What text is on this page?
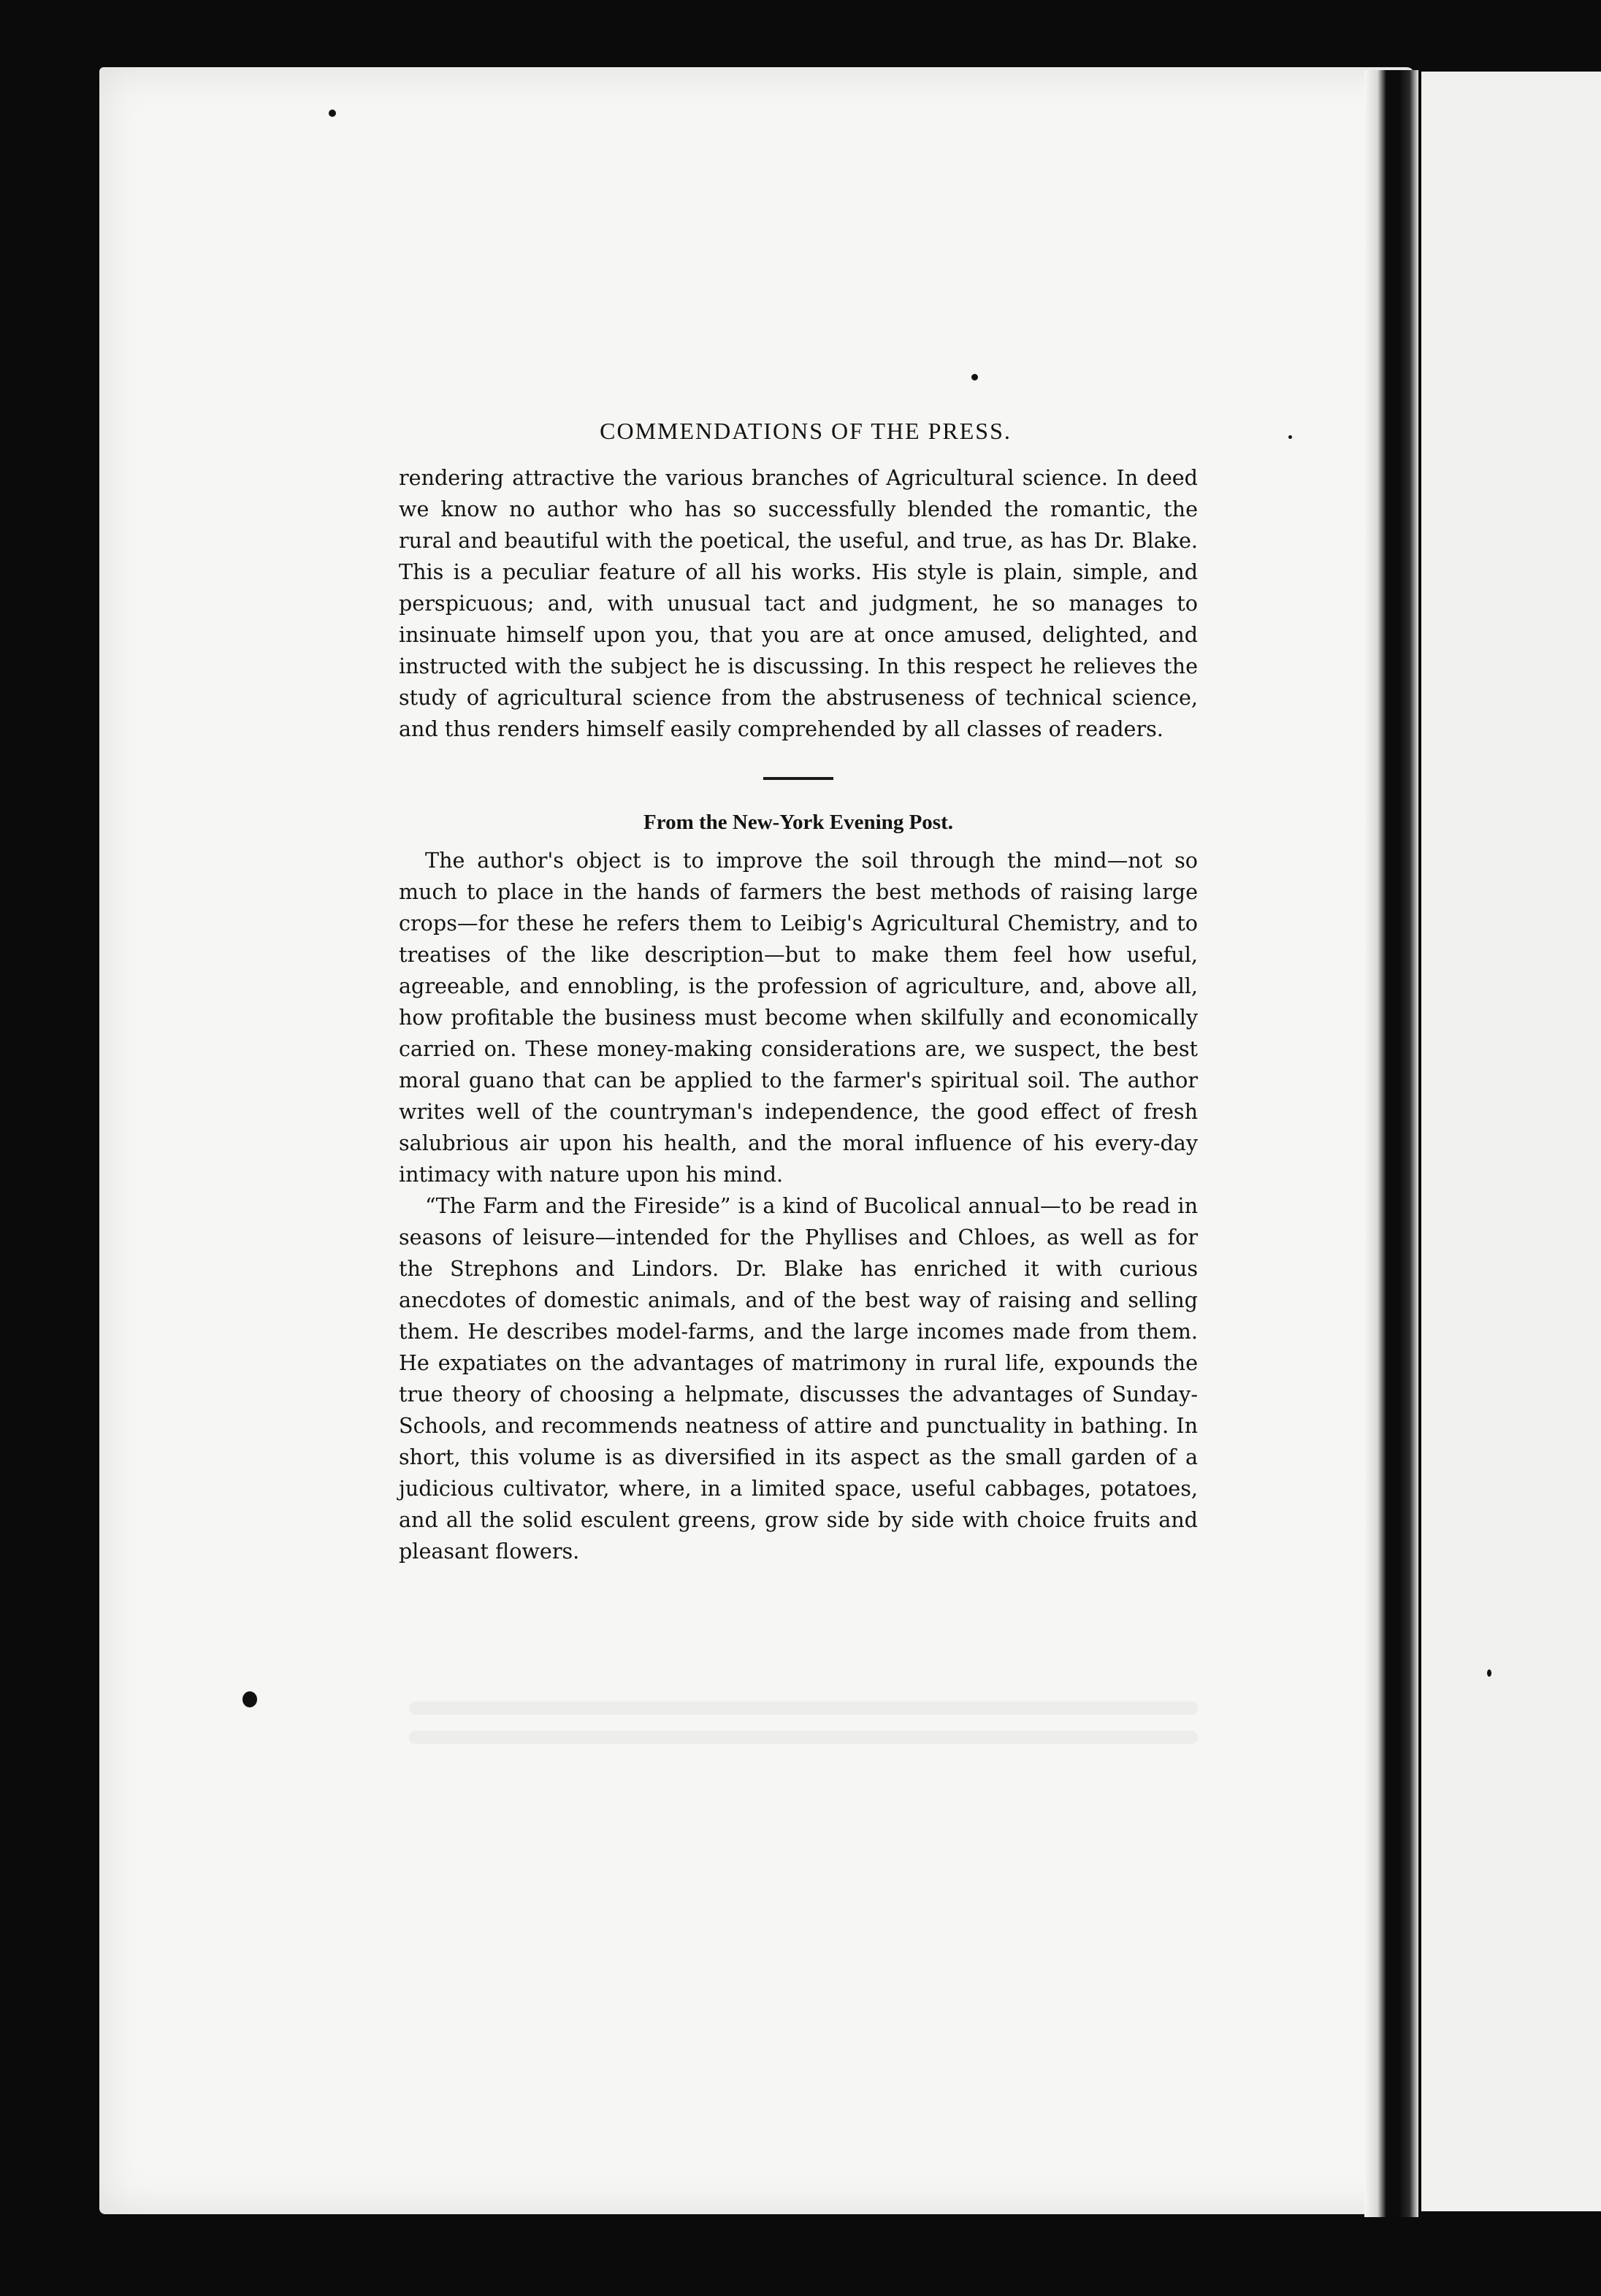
COMMENDATIONS OF THE PRESS.

rendering attractive the various branches of Agricultural science. In deed we know no author who has so successfully blended the romantic, the rural and beautiful with the poetical, the useful, and true, as has Dr. Blake. This is a peculiar feature of all his works. His style is plain, simple, and perspicuous; and, with unusual tact and judgment, he so manages to insinuate himself upon you, that you are at once amused, delighted, and instructed with the subject he is discussing. In this respect he relieves the study of agricultural science from the abstruseness of technical science, and thus renders himself easily comprehended by all classes of readers.

From the New-York Evening Post.

The author's object is to improve the soil through the mind—not so much to place in the hands of farmers the best methods of raising large crops—for these he refers them to Leibig's Agricultural Chemistry, and to treatises of the like description—but to make them feel how useful, agreeable, and ennobling, is the profession of agriculture, and, above all, how profitable the business must become when skilfully and economically carried on. These money-making considerations are, we suspect, the best moral guano that can be applied to the farmer's spiritual soil. The author writes well of the countryman's independence, the good effect of fresh salubrious air upon his health, and the moral influence of his every-day intimacy with nature upon his mind.

“The Farm and the Fireside” is a kind of Bucolical annual—to be read in seasons of leisure—intended for the Phyllises and Chloes, as well as for the Strephons and Lindors. Dr. Blake has enriched it with curious anecdotes of domestic animals, and of the best way of raising and selling them. He describes model-farms, and the large incomes made from them. He expatiates on the advantages of matrimony in rural life, expounds the true theory of choosing a helpmate, discusses the advantages of Sunday-Schools, and recommends neatness of attire and punctuality in bathing. In short, this volume is as diversified in its aspect as the small garden of a judicious cultivator, where, in a limited space, useful cabbages, potatoes, and all the solid esculent greens, grow side by side with choice fruits and pleasant flowers.
